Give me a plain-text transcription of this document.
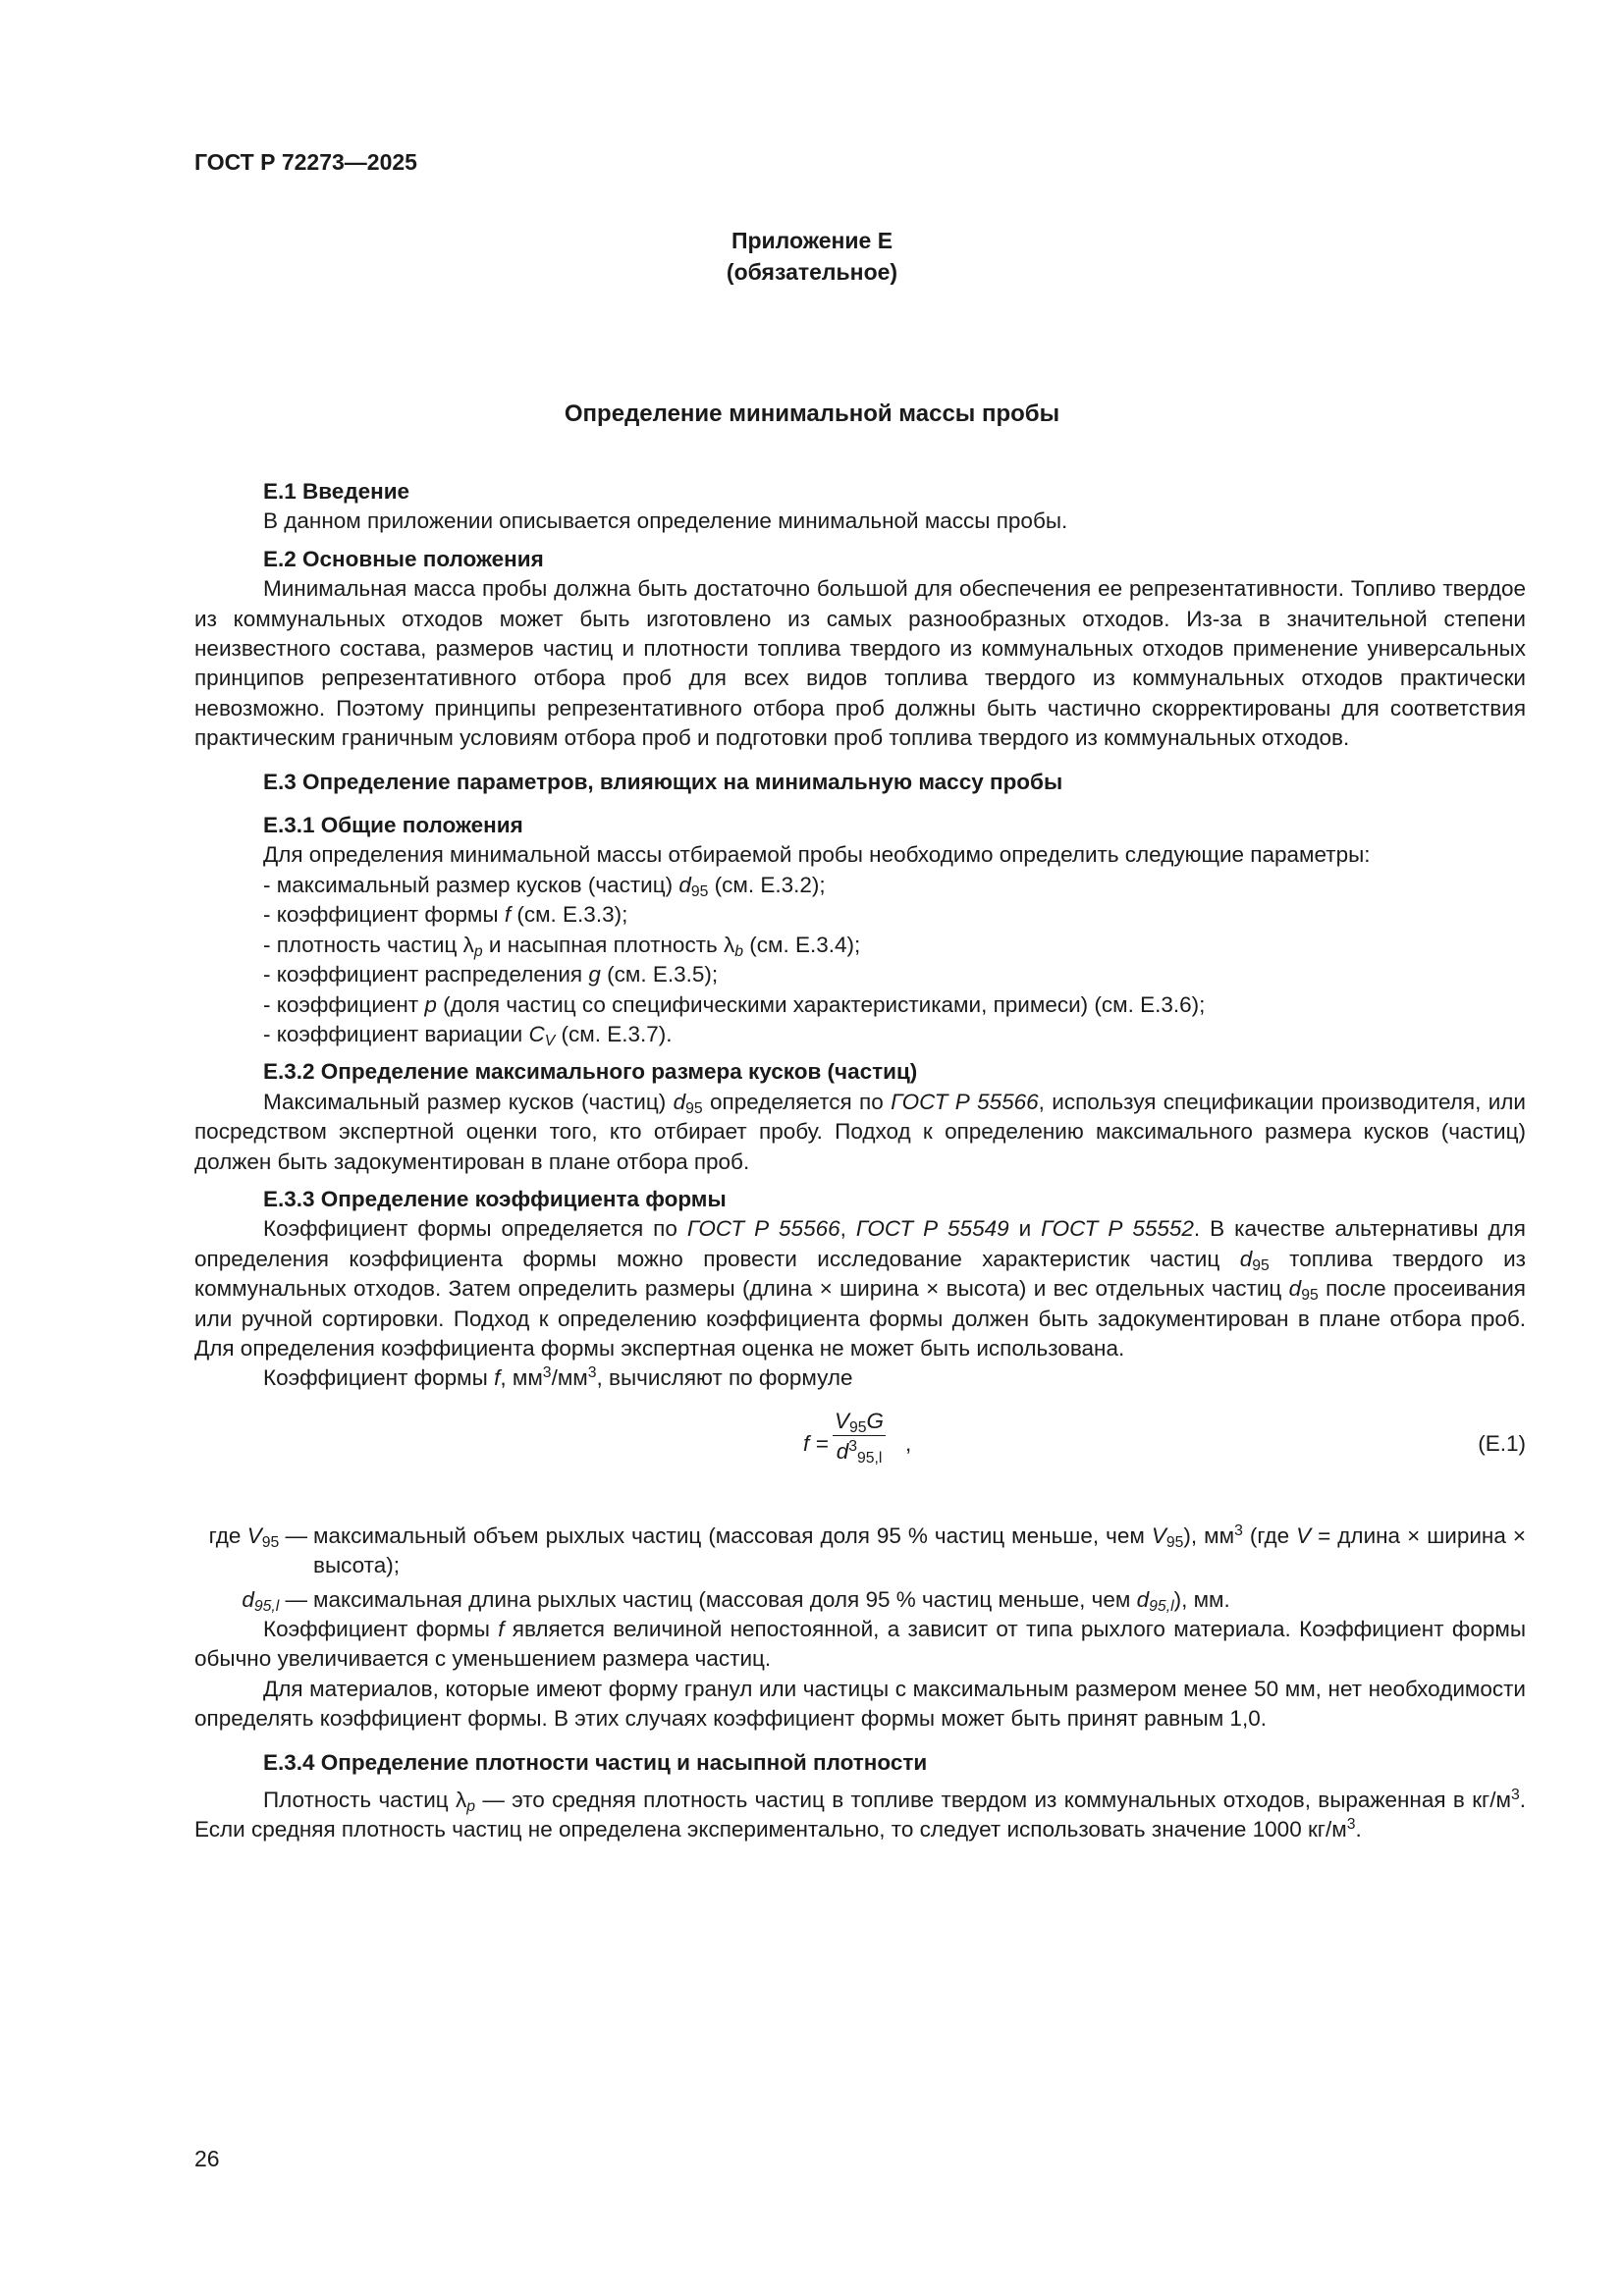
ГОСТ Р 72273—2025
Приложение Е
(обязательное)
Определение минимальной массы пробы

Е.1 Введение

В данном приложении описывается определение минимальной массы пробы.

Е.2 Основные положения

Минимальная масса пробы должна быть достаточно большой для обеспечения ее репрезентативности. Топливо твердое из коммунальных отходов может быть изготовлено из самых разнообразных отходов. Из-за в значительной степени неизвестного состава, размеров частиц и плотности топлива твердого из коммунальных отходов применение универсальных принципов репрезентативного отбора проб для всех видов топлива твердого из коммунальных отходов практически невозможно. Поэтому принципы репрезентативного отбора проб должны быть частично скорректированы для соответствия практическим граничным условиям отбора проб и подготовки проб топлива твердого из коммунальных отходов.

Е.3 Определение параметров, влияющих на минимальную массу пробы

Е.3.1 Общие положения

Для определения минимальной массы отбираемой пробы необходимо определить следующие параметры:

- максимальный размер кусков (частиц) $d_{95}$ (см. Е.3.2);
- коэффициент формы f (см. Е.3.3);
- плотность частиц $\lambda_p$ и насыпная плотность $\lambda_b$ (см. Е.3.4);
- коэффициент распределения g (см. Е.3.5);
- коэффициент p (доля частиц со специфическими характеристиками, примеси) (см. Е.3.6);
- коэффициент вариации $C_V$ (см. Е.3.7).

Е.3.2 Определение максимального размера кусков (частиц)

Максимальный размер кусков (частиц) $d_{95}$ определяется по ГОСТ Р 55566, используя спецификации производителя, или посредством экспертной оценки того, кто отбирает пробу. Подход к определению максимального размера кусков (частиц) должен быть задокументирован в плане отбора проб.

Е.3.3 Определение коэффициента формы

Коэффициент формы определяется по ГОСТ Р 55566, ГОСТ Р 55549 и ГОСТ Р 55552. В качестве альтернативы для определения коэффициента формы можно провести исследование характеристик частиц $d_{95}$ топлива твердого из коммунальных отходов. Затем определить размеры (длина × ширина × высота) и вес отдельных частиц $d_{95}$ после просеивания или ручной сортировки. Подход к определению коэффициента формы должен быть задокументирован в плане отбора проб. Для определения коэффициента формы экспертная оценка не может быть использована.

Коэффициент формы f, $мм^3/мм^3$, вычисляют по формуле

$f = \frac{V_{95}G}{d^3_{95,l}}$ ,	(Е.1)
где $V_{95}$ — максимальный объем рыхлых частиц (массовая доля 95 % частиц меньше, чем $V_{95}$), $мм^3$ (где V = длина × ширина × высота);
$d_{95,l}$ — максимальная длина рыхлых частиц (массовая доля 95 % частиц меньше, чем $d_{95,l}$), мм.

Коэффициент формы f является величиной непостоянной, а зависит от типа рыхлого материала. Коэффициент формы обычно увеличивается с уменьшением размера частиц.

Для материалов, которые имеют форму гранул или частицы с максимальным размером менее 50 мм, нет необходимости определять коэффициент формы. В этих случаях коэффициент формы может быть принят равным 1,0.

Е.3.4 Определение плотности частиц и насыпной плотности

Плотность частиц $\lambda_p$ — это средняя плотность частиц в топливе твердом из коммунальных отходов, выраженная в $кг/м^3$. Если средняя плотность частиц не определена экспериментально, то следует использовать значение 1000 $кг/м^3$.

26
